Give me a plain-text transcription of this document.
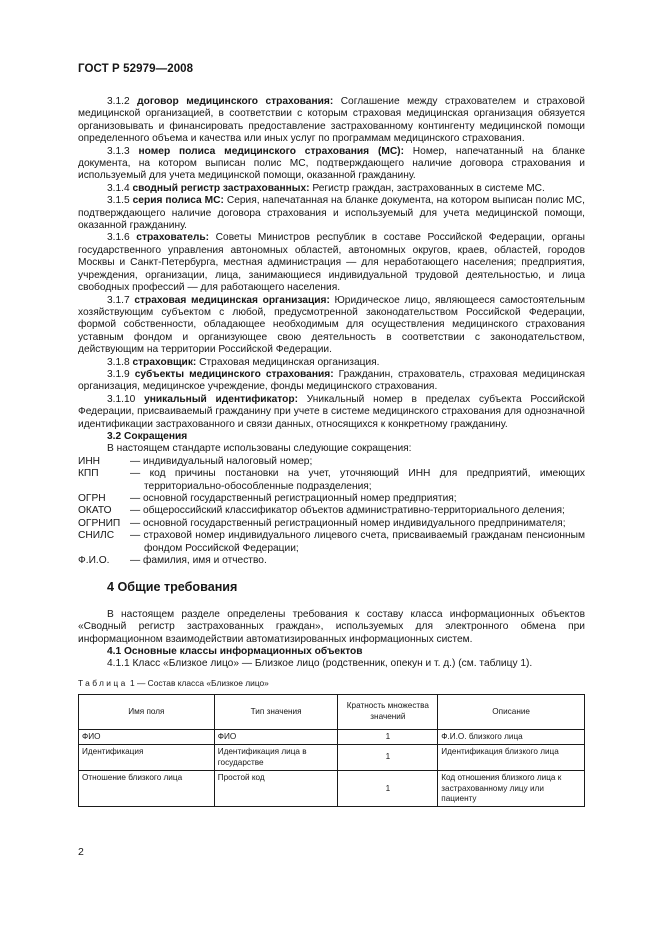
ГОСТ Р 52979—2008

3.1.2 договор медицинского страхования: Соглашение между страхователем и страховой медицинской организацией, в соответствии с которым страховая медицинская организация обязуется организовывать и финансировать предоставление застрахованному контингенту медицинской помощи определенного объема и качества или иных услуг по программам медицинского страхования.

3.1.3 номер полиса медицинского страхования (МС): Номер, напечатанный на бланке документа, на котором выписан полис МС, подтверждающего наличие договора страхования и используемый для учета медицинской помощи, оказанной гражданину.

3.1.4 сводный регистр застрахованных: Регистр граждан, застрахованных в системе МС.

3.1.5 серия полиса МС: Серия, напечатанная на бланке документа, на котором выписан полис МС, подтверждающего наличие договора страхования и используемый для учета медицинской помощи, оказанной гражданину.

3.1.6 страхователь: Советы Министров республик в составе Российской Федерации, органы государственного управления автономных областей, автономных округов, краев, областей, городов Москвы и Санкт-Петербурга, местная администрация — для неработающего населения; предприятия, учреждения, организации, лица, занимающиеся индивидуальной трудовой деятельностью, и лица свободных профессий — для работающего населения.

3.1.7 страховая медицинская организация: Юридическое лицо, являющееся самостоятельным хозяйствующим субъектом с любой, предусмотренной законодательством Российской Федерации, формой собственности, обладающее необходимым для осуществления медицинского страхования уставным фондом и организующее свою деятельность в соответствии с законодательством, действующим на территории Российской Федерации.

3.1.8 страховщик: Страховая медицинская организация.

3.1.9 субъекты медицинского страхования: Гражданин, страхователь, страховая медицинская организация, медицинское учреждение, фонды медицинского страхования.

3.1.10 уникальный идентификатор: Уникальный номер в пределах субъекта Российской Федерации, присваиваемый гражданину при учете в системе медицинского страхования для однозначной идентификации застрахованного и связи данных, относящихся к конкретному гражданину.

3.2 Сокращения

В настоящем стандарте использованы следующие сокращения:

ИНН	— индивидуальный налоговый номер;
КПП	— код причины постановки на учет, уточняющий ИНН для предприятий, имеющих территориально-обособленные подразделения;
ОГРН	— основной государственный регистрационный номер предприятия;
ОКАТО	— общероссийский классификатор объектов административно-территориального деления;
ОГРНИП — основной государственный регистрационный номер индивидуального предпринимателя;
СНИЛС	— страховой номер индивидуального лицевого счета, присваиваемый гражданам пенсионным фондом Российской Федерации;
Ф.И.О.	— фамилия, имя и отчество.

4 Общие требования

В настоящем разделе определены требования к составу класса информационных объектов «Сводный регистр застрахованных граждан», используемых для электронного обмена при информационном взаимодействии автоматизированных информационных систем.

4.1 Основные классы информационных объектов

4.1.1 Класс «Близкое лицо» — Близкое лицо (родственник, опекун и т. д.) (см. таблицу 1).

Таблица 1 — Состав класса «Близкое лицо»

Имя поля	Тип значения	Кратность множества значений	Описание
ФИО	ФИО	1	Ф.И.О. близкого лица
Идентификация	Идентификация лица в государстве	1	Идентификация близкого лица
Отношение близкого лица	Простой код	1	Код отношения близкого лица к застрахованному лицу или пациенту
2
